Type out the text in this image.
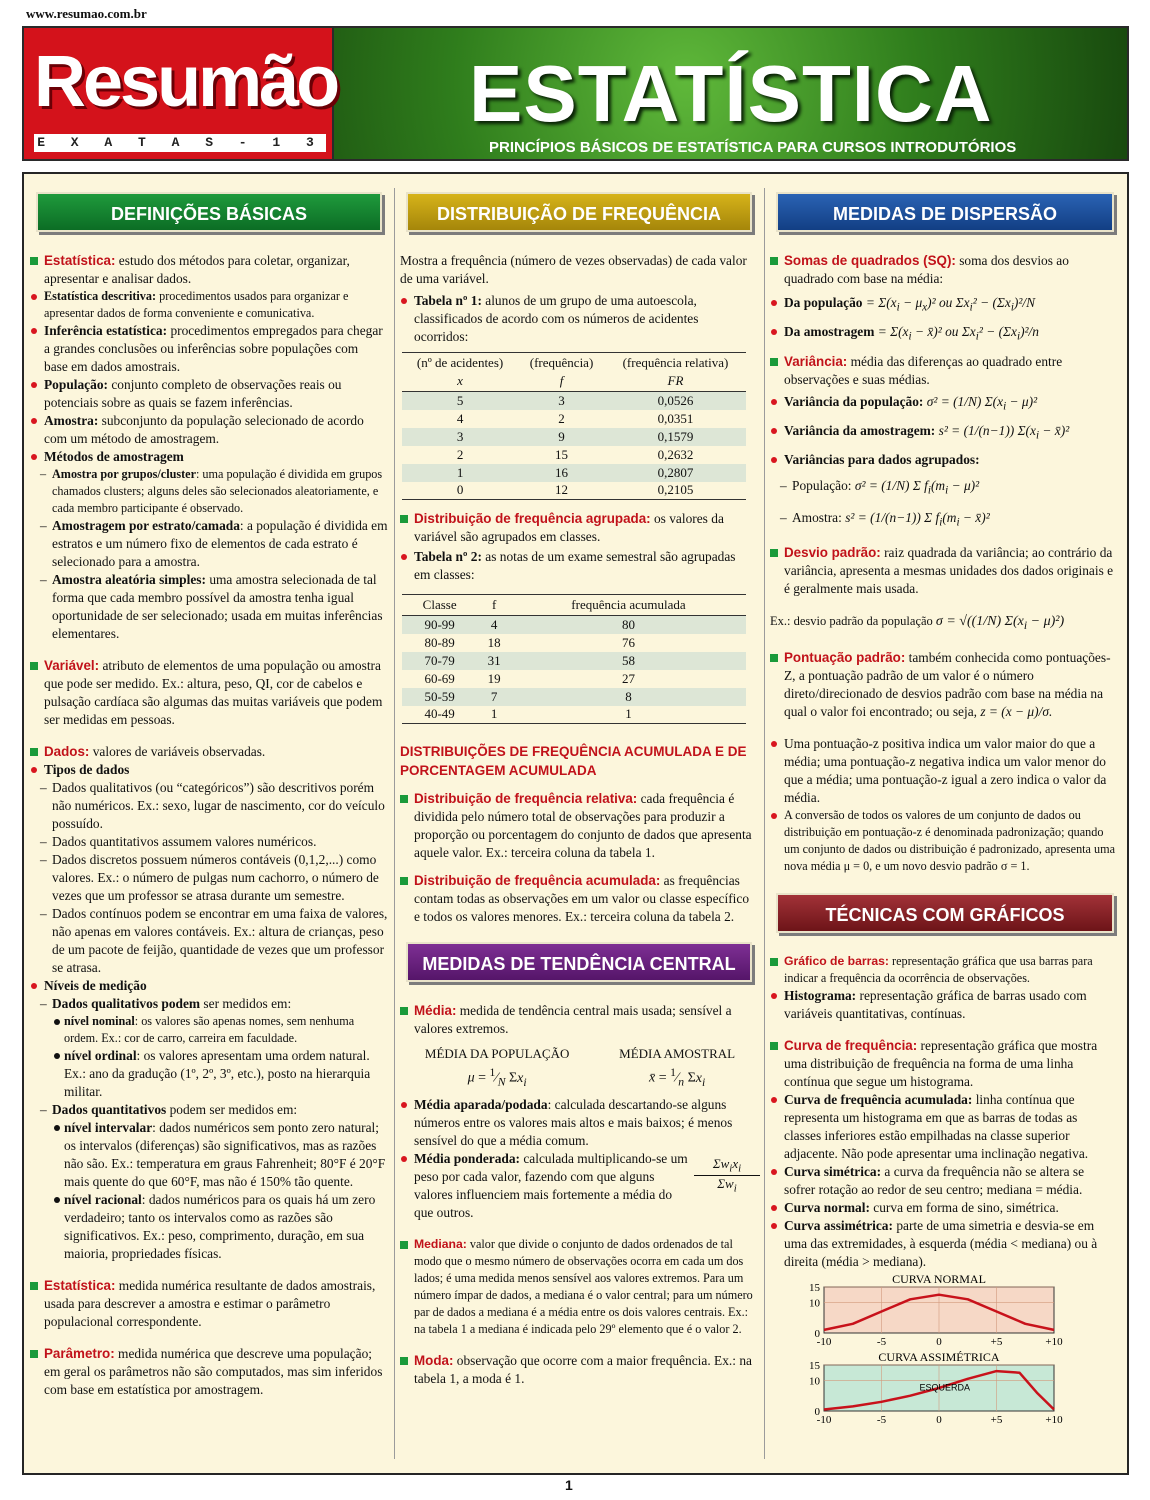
www.resumao.com.br
Resumão
E X A T A S - 1 3
ESTATÍSTICA
PRINCÍPIOS BÁSICOS DE ESTATÍSTICA PARA CURSOS INTRODUTÓRIOS
DEFINIÇÕES BÁSICAS

Estatística: estudo dos métodos para coletar, organizar, apresentar e analisar dados.

Estatística descritiva: procedimentos usados para organizar e apresentar dados de forma conveniente e comunicativa.

Inferência estatística: procedimentos empregados para chegar a grandes conclusões ou inferências sobre populações com base em dados amostrais.

População: conjunto completo de observações reais ou potenciais sobre as quais se fazem inferências.

Amostra: subconjunto da população selecionado de acordo com um método de amostragem.

Métodos de amostragem

– Amostra por grupos/cluster: uma população é dividida em grupos chamados clusters; alguns deles são selecionados aleatoriamente, e cada membro participante é observado.

– Amostragem por estrato/camada: a população é dividida em estratos e um número fixo de elementos de cada estrato é selecionado para a amostra.

– Amostra aleatória simples: uma amostra selecionada de tal forma que cada membro possível da amostra tenha igual oportunidade de ser selecionado; usada em muitas inferências elementares.

Variável: atributo de elementos de uma população ou amostra que pode ser medido. Ex.: altura, peso, QI, cor de cabelos e pulsação cardíaca são algumas das muitas variáveis que podem ser medidas em pessoas.

Dados: valores de variáveis observadas.

Tipos de dados

– Dados qualitativos (ou “categóricos”) são descritivos porém não numéricos. Ex.: sexo, lugar de nascimento, cor do veículo possuído.

– Dados quantitativos assumem valores numéricos.

– Dados discretos possuem números contáveis (0,1,2,...) como valores. Ex.: o número de pulgas num cachorro, o número de vezes que um professor se atrasa durante um semestre.

– Dados contínuos podem se encontrar em uma faixa de valores, não apenas em valores contáveis. Ex.: altura de crianças, peso de um pacote de feijão, quantidade de vezes que um professor se atrasa.

Níveis de medição

– Dados qualitativos podem ser medidos em:

nível nominal: os valores são apenas nomes, sem nenhuma ordem. Ex.: cor de carro, carreira em faculdade.

nível ordinal: os valores apresentam uma ordem natural. Ex.: ano da gradução (1º, 2º, 3º, etc.), posto na hierarquia militar.

– Dados quantitativos podem ser medidos em:

nível intervalar: dados numéricos sem ponto zero natural; os intervalos (diferenças) são significativos, mas as razões não são. Ex.: temperatura em graus Fahrenheit; 80°F é 20°F mais quente do que 60°F, mas não é 150% tão quente.

nível racional: dados numéricos para os quais há um zero verdadeiro; tanto os intervalos como as razões são significativos. Ex.: peso, comprimento, duração, em sua maioria, propriedades físicas.

Estatística: medida numérica resultante de dados amostrais, usada para descrever a amostra e estimar o parâmetro populacional correspondente.

Parâmetro: medida numérica que descreve uma população; em geral os parâmetros não são computados, mas sim inferidos com base em estatística por amostragem.

DISTRIBUIÇÃO DE FREQUÊNCIA

Mostra a frequência (número de vezes observadas) de cada valor de uma variável.

Tabela nº 1: alunos de um grupo de uma autoescola, classificados de acordo com os números de acidentes ocorridos:

(nº de acidentes)	(frequência)	(frequência relativa)
x	f	FR
5	3	0,0526
4	2	0,0351
3	9	0,1579
2	15	0,2632
1	16	0,2807
0	12	0,2105

Distribuição de frequência agrupada: os valores da variável são agrupados em classes.

Tabela nº 2: as notas de um exame semestral são agrupadas em classes:

Classe	f	frequência acumulada
90-99	4	80
80-89	18	76
70-79	31	58
60-69	19	27
50-59	7	8
40-49	1	1
DISTRIBUIÇÕES DE FREQUÊNCIA ACUMULADA E DE PORCENTAGEM ACUMULADA

Distribuição de frequência relativa: cada frequência é dividida pelo número total de observações para produzir a proporção ou porcentagem do conjunto de dados que apresenta aquele valor. Ex.: terceira coluna da tabela 1.

Distribuição de frequência acumulada: as frequências contam todas as observações em um valor ou classe específico e todos os valores menores. Ex.: terceira coluna da tabela 2.

MEDIDAS DE TENDÊNCIA CENTRAL

Média: medida de tendência central mais usada; sensível a valores extremos.

MÉDIA DA POPULAÇÃO
$\mu = ^1⁄_N$ $\Sigma x_i$
MÉDIA AMOSTRAL
x̄ = $^1⁄_n$ $\Sigma x_i$

Média aparada/podada: calculada descartando-se alguns números entre os valores mais altos e mais baixos; é menos sensível do que a média comum.

Média ponderada: calculada multiplicando-se um peso por cada valor, fazendo com que alguns valores influenciem mais fortemente a média do que outros.

$\Sigma w_ix_i$
$\Sigma w_i$

Mediana: valor que divide o conjunto de dados ordenados de tal modo que o mesmo número de observações ocorra em cada um dos lados; é uma medida menos sensível aos valores extremos. Para um número ímpar de dados, a mediana é o valor central; para um número par de dados a mediana é a média entre os dois valores centrais. Ex.: na tabela 1 a mediana é indicada pelo 29º elemento que é o valor 2.

Moda: observação que ocorre com a maior frequência. Ex.: na tabela 1, a moda é 1.

MEDIDAS DE DISPERSÃO

Somas de quadrados (SQ): soma dos desvios ao quadrado com base na média:

Da população = $\Sigma(x_i - \mu_x)^2$ ou $\Sigma x_i^2 - (\Sigma x_i)^2/N$

Da amostragem = $\Sigma(x_i$ − x̄)² ou $\Sigma x_i^2 - (\Sigma x_i)^2/n$

Variância: média das diferenças ao quadrado entre observações e suas médias.

Variância da população: σ² = (1/N) $\Sigma(x_i - \mu)^2$

Variância da amostragem: s² = (1/(n−1)) $\Sigma(x_i$ − x̄)²

Variâncias para dados agrupados:

– População: σ² = (1/N) Σ $f_i(m_i - \mu)^2$

– Amostra: s² = (1/(n−1)) Σ $f_i(m_i$ − x̄)²

Desvio padrão: raiz quadrada da variância; ao contrário da variância, apresenta a mesmas unidades dos dados originais e é geralmente mais usada.

Ex.: desvio padrão da população σ = √((1/N) $\Sigma(x_i - \mu)^2$)

Pontuação padrão: também conhecida como pontuações-Z, a pontuação padrão de um valor é o número direto/direcionado de desvios padrão com base na média na qual o valor foi encontrado; ou seja, z = (x − μ)/σ.

Uma pontuação-z positiva indica um valor maior do que a média; uma pontuação-z negativa indica um valor menor do que a média; uma pontuação-z igual a zero indica o valor da média.

A conversão de todos os valores de um conjunto de dados ou distribuição em pontuação-z é denominada padronização; quando um conjunto de dados ou distribuição é padronizado, apresenta uma nova média μ = 0, e um novo desvio padrão σ = 1.

TÉCNICAS COM GRÁFICOS

Gráfico de barras: representação gráfica que usa barras para indicar a frequência da ocorrência de observações.

Histograma: representação gráfica de barras usado com variáveis quantitativas, contínuas.

Curva de frequência: representação gráfica que mostra uma distribuição de frequência na forma de uma linha contínua que segue um histograma.

Curva de frequência acumulada: linha contínua que representa um histograma em que as barras de todas as classes inferiores estão empilhadas na classe superior adjacente. Não pode apresentar uma inclinação negativa.

Curva simétrica: a curva da frequência não se altera se sofrer rotação ao redor de seu centro; mediana = média.

Curva normal: curva em forma de sino, simétrica.

Curva assimétrica: parte de uma simetria e desvia-se em uma das extremidades, à esquerda (média < mediana) ou à direita (média > mediana).

CURVA NORMAL
0
10
15
-10	-5	0	+5	+10
CURVA ASSIMÉTRICA
0
10
15
-10	-5	0	+5	+10
ESQUERDA
1
